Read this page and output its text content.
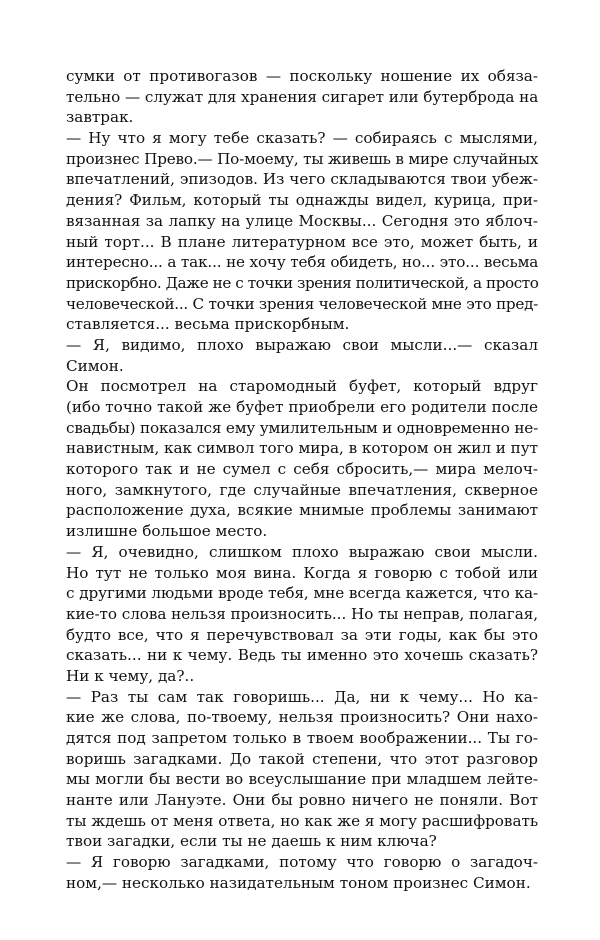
сумки от противогазов — поскольку ношение их обяза-
тельно — служат для хранения сигарет или бутерброда на
завтрак.
— Ну что я могу тебе сказать? — собираясь с мыслями,
произнес Прево.— По-моему, ты живешь в мире случайных
впечатлений, эпизодов. Из чего складываются твои убеж-
дения? Фильм, который ты однажды видел, курица, при-
вязанная за лапку на улице Москвы... Сегодня это яблоч-
ный торт... В плане литературном все это, может быть, и
интересно... а так... не хочу тебя обидеть, но... это... весьма
прискорбно. Даже не с точки зрения политической, а просто
человеческой... С точки зрения человеческой мне это пред-
ставляется... весьма прискорбным.
— Я, видимо, плохо выражаю свои мысли...— сказал
Симон.
Он посмотрел на старомодный буфет, который вдруг
(ибо точно такой же буфет приобрели его родители после
свадьбы) показался ему умилительным и одновременно не-
навистным, как символ того мира, в котором он жил и пут
которого так и не сумел с себя сбросить,— мира мелоч-
ного, замкнутого, где случайные впечатления, скверное
расположение духа, всякие мнимые проблемы занимают
излишне большое место.
— Я, очевидно, слишком плохо выражаю свои мысли.
Но тут не только моя вина. Когда я говорю с тобой или
с другими людьми вроде тебя, мне всегда кажется, что ка-
кие-то слова нельзя произносить... Но ты неправ, полагая,
будто все, что я перечувствовал за эти годы, как бы это
сказать... ни к чему. Ведь ты именно это хочешь сказать?
Ни к чему, да?..
— Раз ты сам так говоришь... Да, ни к чему... Но ка-
кие же слова, по-твоему, нельзя произносить? Они нахо-
дятся под запретом только в твоем воображении... Ты го-
воришь загадками. До такой степени, что этот разговор
мы могли бы вести во всеуслышание при младшем лейте-
нанте или Лануэте. Они бы ровно ничего не поняли. Вот
ты ждешь от меня ответа, но как же я могу расшифровать
твои загадки, если ты не даешь к ним ключа?
— Я говорю загадками, потому что говорю о загадоч-
ном,— несколько назидательным тоном произнес Симон.
